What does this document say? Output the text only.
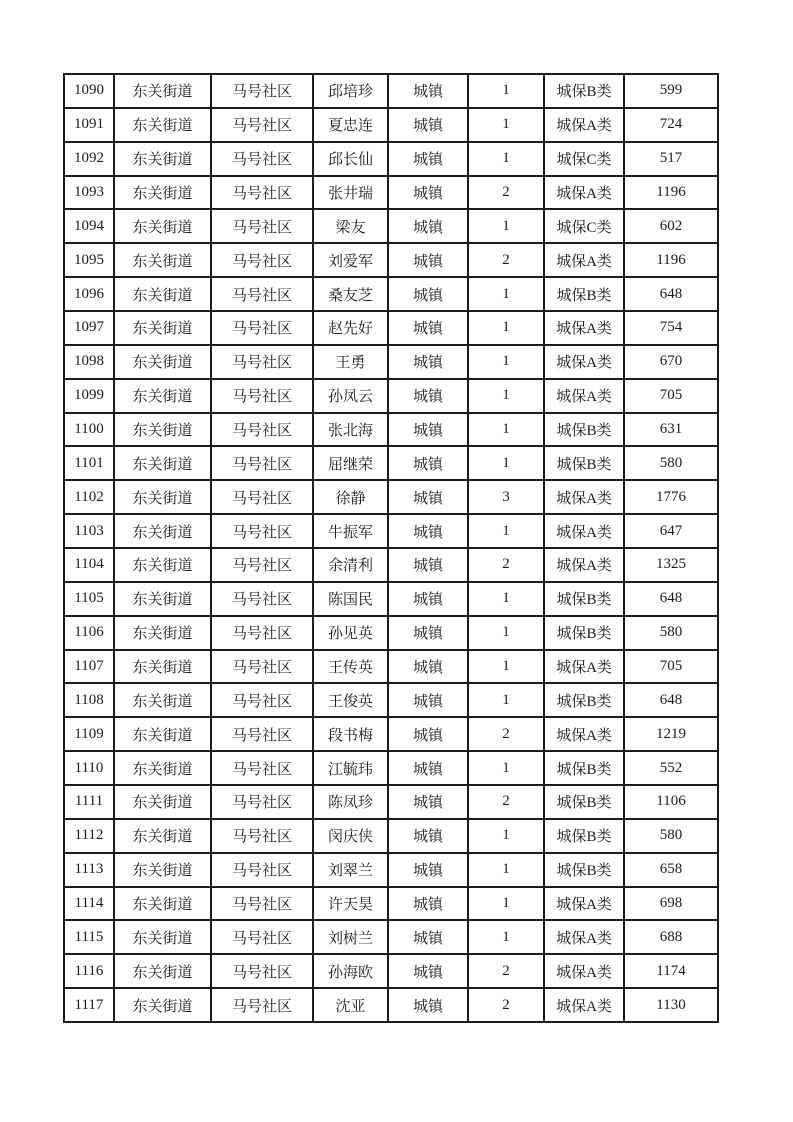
1090	东关街道	马号社区	邱培珍	城镇	1	城保B类	599
1091	东关街道	马号社区	夏忠连	城镇	1	城保A类	724
1092	东关街道	马号社区	邱长仙	城镇	1	城保C类	517
1093	东关街道	马号社区	张井瑞	城镇	2	城保A类	1196
1094	东关街道	马号社区	梁友	城镇	1	城保C类	602
1095	东关街道	马号社区	刘爱军	城镇	2	城保A类	1196
1096	东关街道	马号社区	桑友芝	城镇	1	城保B类	648
1097	东关街道	马号社区	赵先好	城镇	1	城保A类	754
1098	东关街道	马号社区	王勇	城镇	1	城保A类	670
1099	东关街道	马号社区	孙凤云	城镇	1	城保A类	705
1100	东关街道	马号社区	张北海	城镇	1	城保B类	631
1101	东关街道	马号社区	屈继荣	城镇	1	城保B类	580
1102	东关街道	马号社区	徐静	城镇	3	城保A类	1776
1103	东关街道	马号社区	牛振军	城镇	1	城保A类	647
1104	东关街道	马号社区	余清利	城镇	2	城保A类	1325
1105	东关街道	马号社区	陈国民	城镇	1	城保B类	648
1106	东关街道	马号社区	孙见英	城镇	1	城保B类	580
1107	东关街道	马号社区	王传英	城镇	1	城保A类	705
1108	东关街道	马号社区	王俊英	城镇	1	城保B类	648
1109	东关街道	马号社区	段书梅	城镇	2	城保A类	1219
1110	东关街道	马号社区	江毓玮	城镇	1	城保B类	552
1111	东关街道	马号社区	陈凤珍	城镇	2	城保B类	1106
1112	东关街道	马号社区	闵庆侠	城镇	1	城保B类	580
1113	东关街道	马号社区	刘翠兰	城镇	1	城保B类	658
1114	东关街道	马号社区	许天昊	城镇	1	城保A类	698
1115	东关街道	马号社区	刘树兰	城镇	1	城保A类	688
1116	东关街道	马号社区	孙海欧	城镇	2	城保A类	1174
1117	东关街道	马号社区	沈亚	城镇	2	城保A类	1130
